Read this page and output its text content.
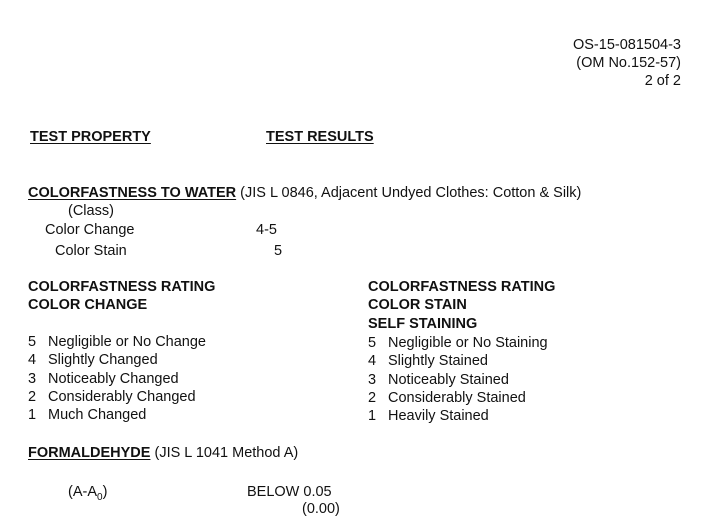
OS-15-081504-3
(OM No.152-57)
2 of 2
TEST PROPERTY	TEST RESULTS
COLORFASTNESS TO WATER (JIS L 0846, Adjacent Undyed Clothes: Cotton & Silk)
(Class)
Color Change	4-5
Color Stain	5
COLORFASTNESS RATING
COLOR CHANGE
5 Negligible or No Change
4 Slightly Changed
3 Noticeably Changed
2 Considerably Changed
1 Much Changed
COLORFASTNESS RATING
COLOR STAIN
SELF STAINING
5 Negligible or No Staining
4 Slightly Stained
3 Noticeably Stained
2 Considerably Stained
1 Heavily Stained
FORMALDEHYDE (JIS L 1041 Method A)
$(A-A_0)$	BELOW 0.05
(0.00)
